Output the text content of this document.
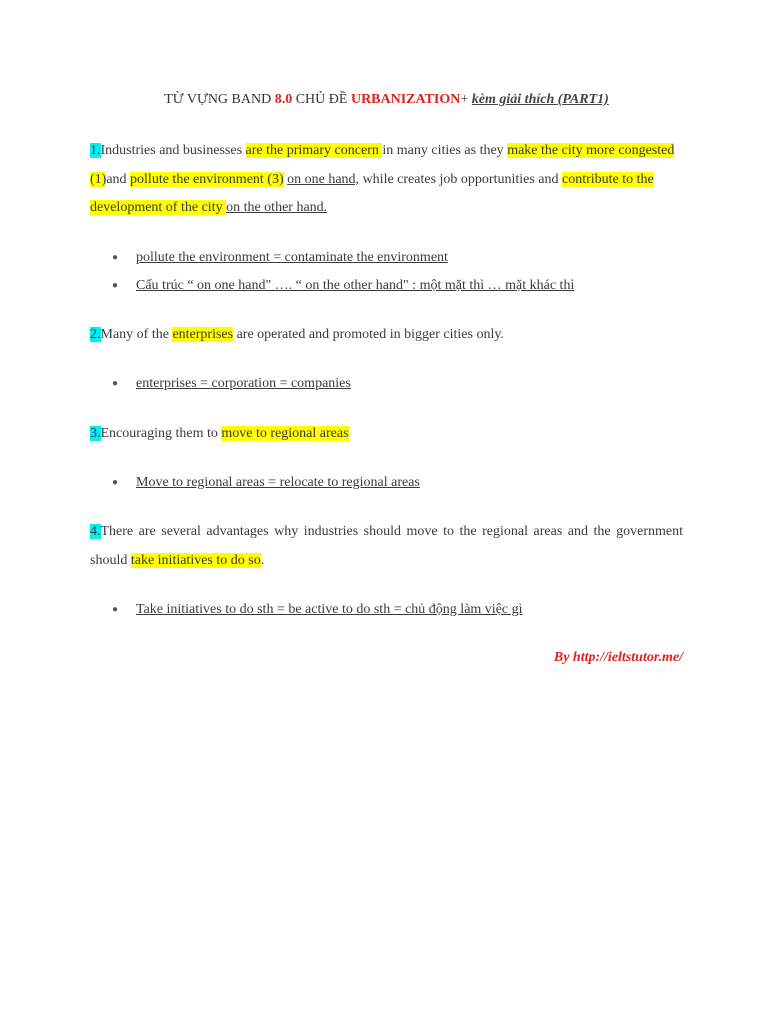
TỪ VỰNG BAND 8.0 CHỦ ĐỀ URBANIZATION+ kèm giải thích (PART1)
1.Industries and businesses are the primary concern in many cities as they make the city more congested (1)and pollute the environment (3) on one hand, while creates job opportunities and contribute to the development of the city on the other hand.
● pollute the environment = contaminate the environment
● Cấu trúc “ on one hand" …. “ on the other hand" : một mặt thì … mặt khác thì
2.Many of the enterprises are operated and promoted in bigger cities only.
● enterprises = corporation = companies
3.Encouraging them to move to regional areas
● Move to regional areas = relocate to regional areas
4.There are several advantages why industries should move to the regional areas and the government should take initiatives to do so.
● Take initiatives to do sth = be active to do sth = chủ động làm việc gì
By http://ieltstutor.me/
